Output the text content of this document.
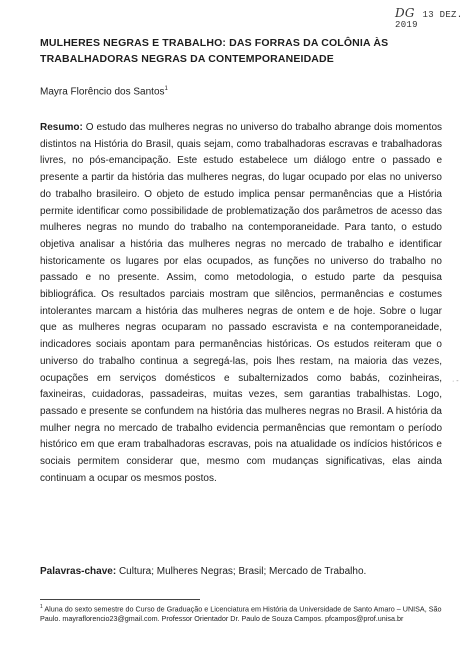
DG 13 DEZ. 2019
MULHERES NEGRAS E TRABALHO: DAS FORRAS DA COLÔNIA ÀS TRABALHADORAS NEGRAS DA CONTEMPORANEIDADE

Mayra Florêncio dos Santos$^1$

Resumo: O estudo das mulheres negras no universo do trabalho abrange dois momentos distintos na História do Brasil, quais sejam, como trabalhadoras escravas e trabalhadoras livres, no pós-emancipação. Este estudo estabelece um diálogo entre o passado e presente a partir da história das mulheres negras, do lugar ocupado por elas no universo do trabalho brasileiro. O objeto de estudo implica pensar permanências que a História permite identificar como possibilidade de problematização dos parâmetros de acesso das mulheres negras no mundo do trabalho na contemporaneidade. Para tanto, o estudo objetiva analisar a história das mulheres negras no mercado de trabalho e identificar historicamente os lugares por elas ocupados, as funções no universo do trabalho no passado e no presente. Assim, como metodologia, o estudo parte da pesquisa bibliográfica. Os resultados parciais mostram que silêncios, permanências e costumes intolerantes marcam a história das mulheres negras de ontem e de hoje. Sobre o lugar que as mulheres negras ocuparam no passado escravista e na contemporaneidade, indicadores sociais apontam para permanências históricas. Os estudos reiteram que o universo do trabalho continua a segregá-las, pois lhes restam, na maioria das vezes, ocupações em serviços domésticos e subalternizados como babás, cozinheiras, faxineiras, cuidadoras, passadeiras, muitas vezes, sem garantias trabalhistas. Logo, passado e presente se confundem na história das mulheres negras no Brasil. A história da mulher negra no mercado de trabalho evidencia permanências que remontam o período histórico em que eram trabalhadoras escravas, pois na atualidade os indícios históricos e sociais permitem considerar que, mesmo com mudanças significativas, elas ainda continuam a ocupar os mesmos postos.

Palavras-chave: Cultura; Mulheres Negras; Brasil; Mercado de Trabalho.

$^1$ Aluna do sexto semestre do Curso de Graduação e Licenciatura em História da Universidade de Santo Amaro – UNISA, São Paulo. mayraflorencio23@gmail.com. Professor Orientador Dr. Paulo de Souza Campos. pfcampos@prof.unisa.br

· -
